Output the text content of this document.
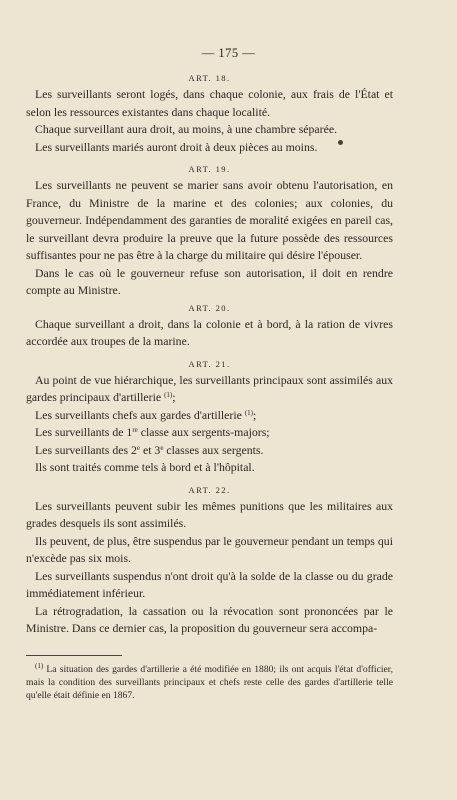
— 175 —
ART. 18.

Les surveillants seront logés, dans chaque colonie, aux frais de l'État et selon les ressources existantes dans chaque localité.

Chaque surveillant aura droit, au moins, à une chambre séparée.

Les surveillants mariés auront droit à deux pièces au moins.

ART. 19.

Les surveillants ne peuvent se marier sans avoir obtenu l'autorisation, en France, du Ministre de la marine et des colonies; aux colonies, du gouverneur. Indépendamment des garanties de moralité exigées en pareil cas, le surveillant devra produire la preuve que la future possède des ressources suffisantes pour ne pas être à la charge du militaire qui désire l'épouser.

Dans le cas où le gouverneur refuse son autorisation, il doit en rendre compte au Ministre.

ART. 20.

Chaque surveillant a droit, dans la colonie et à bord, à la ration de vivres accordée aux troupes de la marine.

ART. 21.

Au point de vue hiérarchique, les surveillants principaux sont assimilés aux gardes principaux d'artillerie $^{(1)}$;

Les surveillants chefs aux gardes d'artillerie $^{(1)}$;

Les surveillants de 1re classe aux sergents-majors;

Les surveillants des 2e et 3e classes aux sergents.

Ils sont traités comme tels à bord et à l'hôpital.

ART. 22.

Les surveillants peuvent subir les mêmes punitions que les militaires aux grades desquels ils sont assimilés.

Ils peuvent, de plus, être suspendus par le gouverneur pendant un temps qui n'excède pas six mois.

Les surveillants suspendus n'ont droit qu'à la solde de la classe ou du grade immédiatement inférieur.

La rétrogradation, la cassation ou la révocation sont prononcées par le Ministre. Dans ce dernier cas, la proposition du gouverneur sera accompa-

$^{(1)}$ La situation des gardes d'artillerie a été modifiée en 1880; ils ont acquis l'état d'officier, mais la condition des surveillants principaux et chefs reste celle des gardes d'artillerie telle qu'elle était définie en 1867.
